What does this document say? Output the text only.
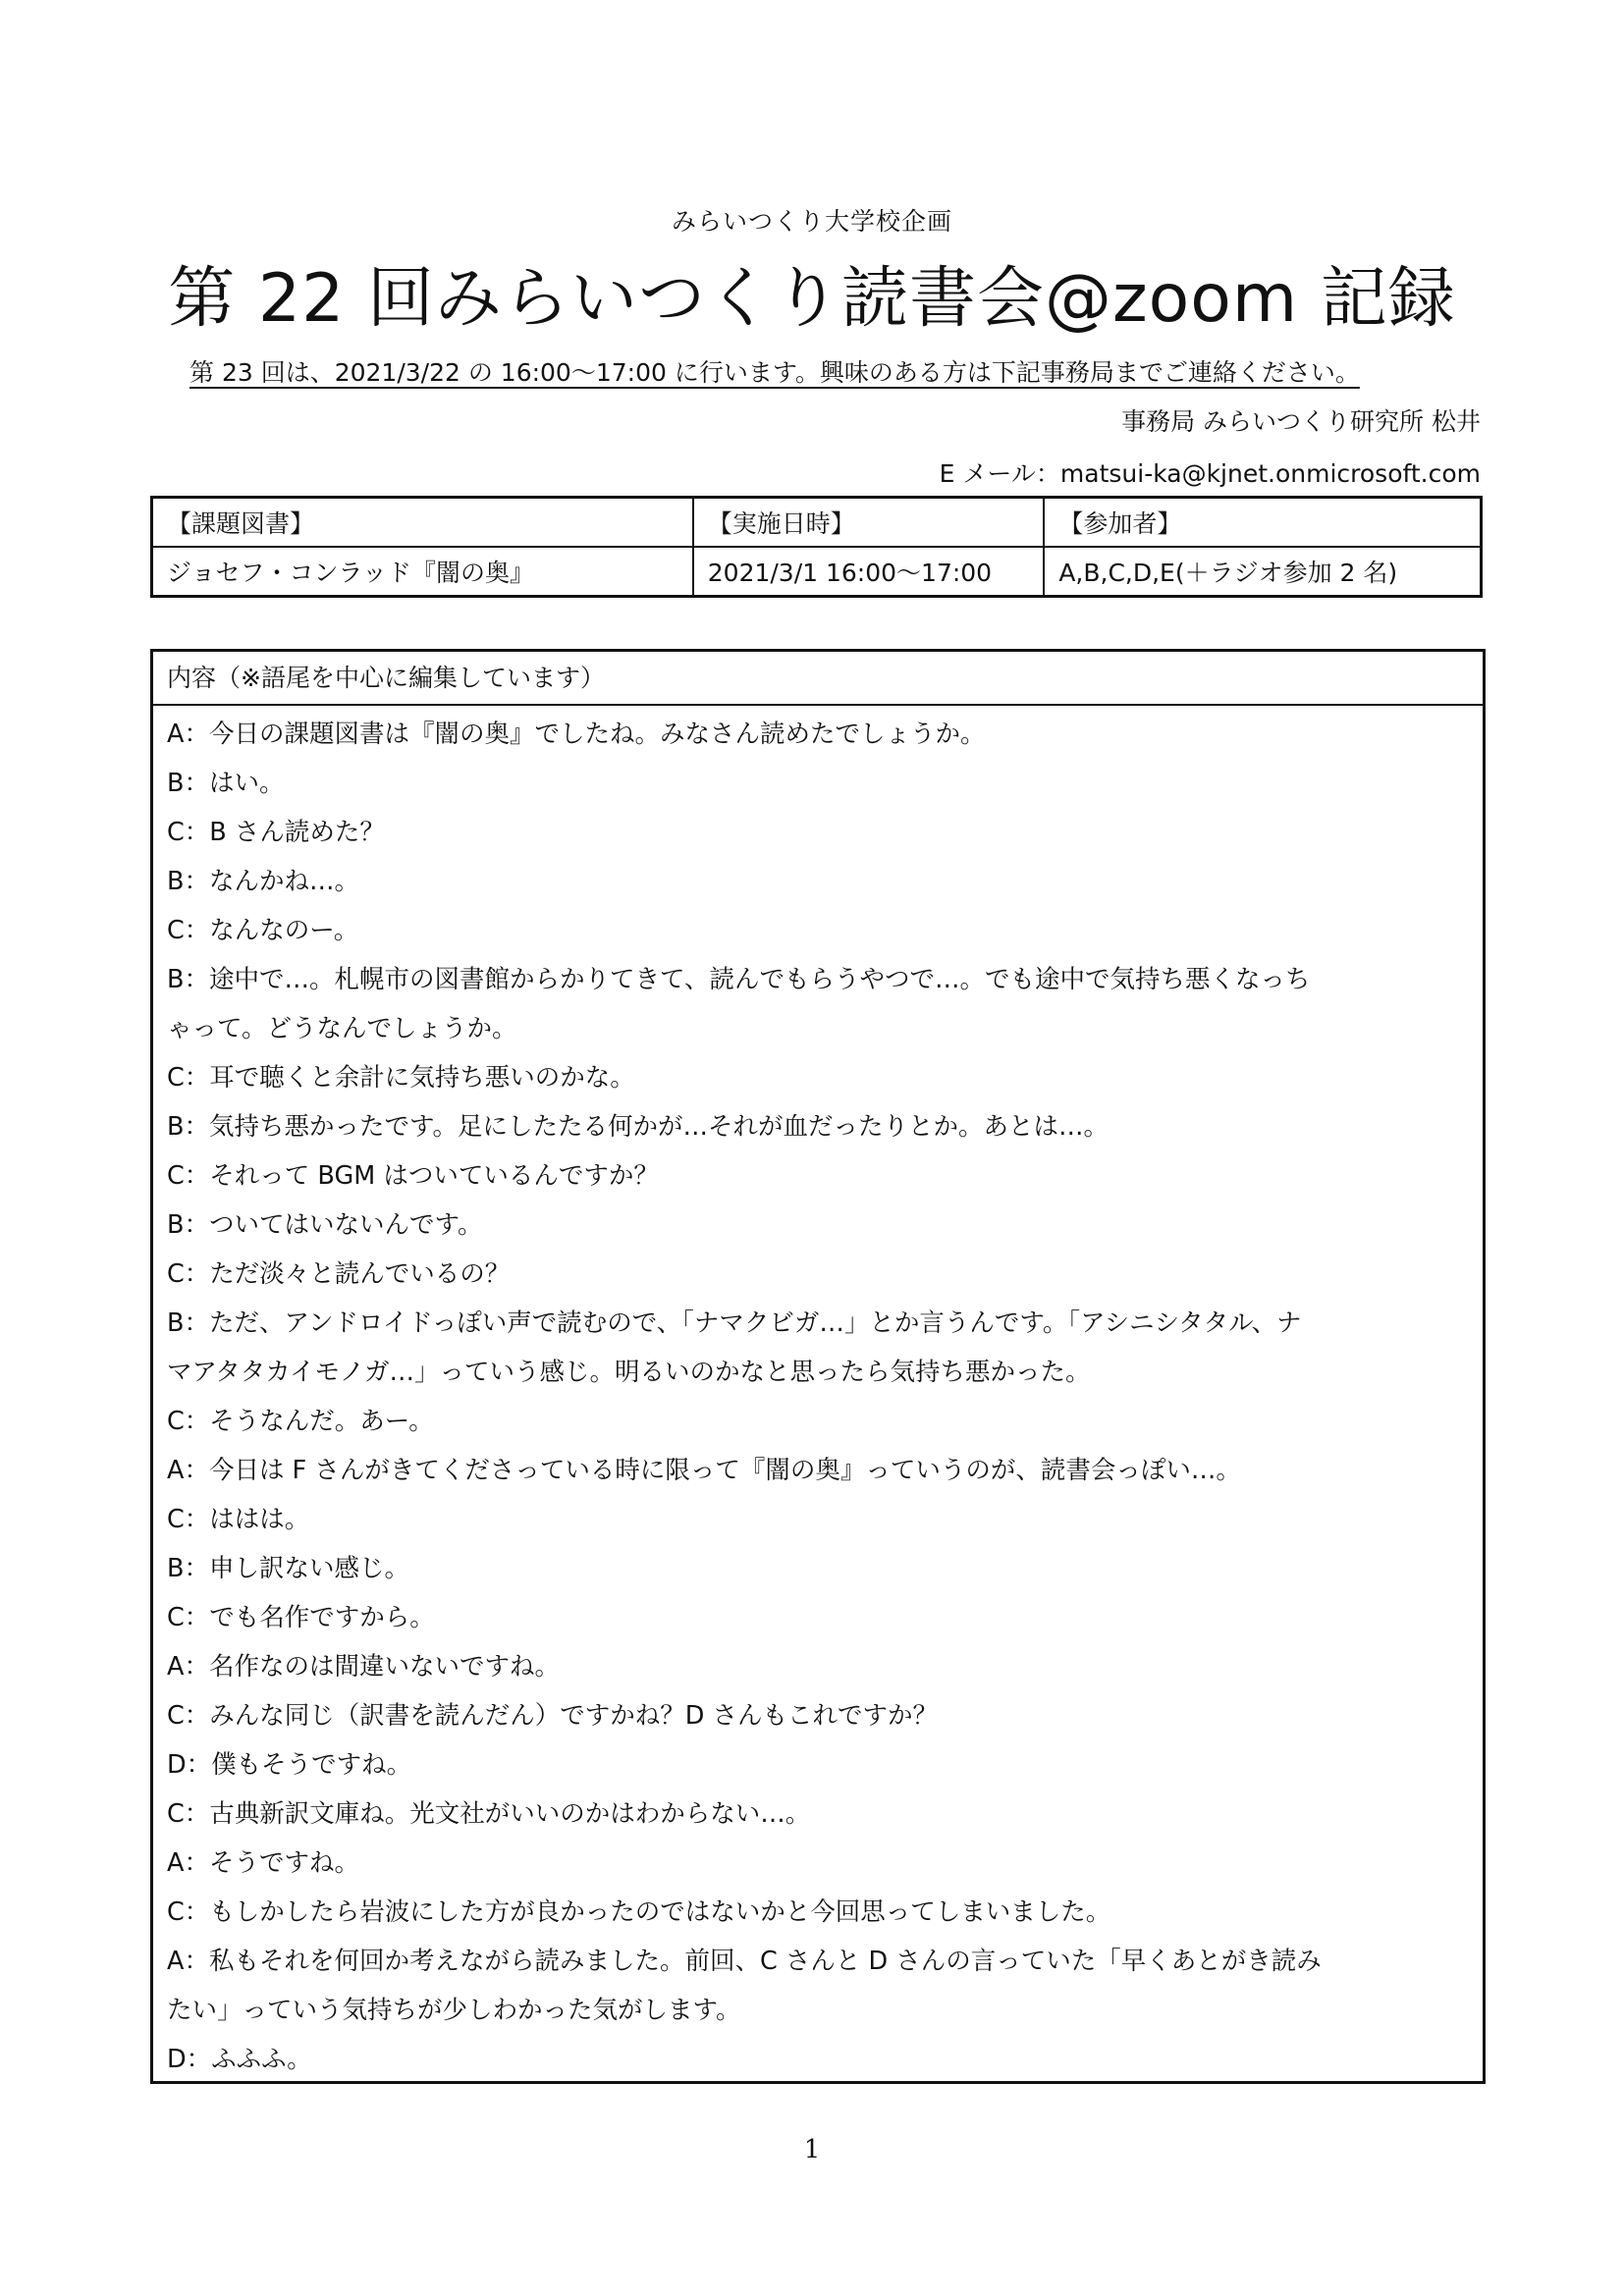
みらいつくり大学校企画
第 22 回みらいつくり読書会@zoom 記録
第 23 回は、2021/3/22 の 16:00～17:00 に行います。興味のある方は下記事務局までご連絡ください。
事務局 みらいつくり研究所 松井
E メール：matsui-ka@kjnet.onmicrosoft.com
【課題図書】	【実施日時】	【参加者】
ジョセフ・コンラッド『闇の奥』	2021/3/1 16:00～17:00	A,B,C,D,E(＋ラジオ参加 2 名)
内容（※語尾を中心に編集しています）
A：今日の課題図書は『闇の奥』でしたね。みなさん読めたでしょうか。
B：はい。
C：B さん読めた？
B：なんかね…。
C：なんなのー。
B：途中で…。札幌市の図書館からかりてきて、読んでもらうやつで…。でも途中で気持ち悪くなっち
ゃって。どうなんでしょうか。
C：耳で聴くと余計に気持ち悪いのかな。
B：気持ち悪かったです。足にしたたる何かが…それが血だったりとか。あとは…。
C：それって BGM はついているんですか？
B：ついてはいないんです。
C：ただ淡々と読んでいるの？
B：ただ、アンドロイドっぽい声で読むので、「ナマクビガ…」とか言うんです。「アシニシタタル、ナ
マアタタカイモノガ…」っていう感じ。明るいのかなと思ったら気持ち悪かった。
C：そうなんだ。あー。
A：今日は F さんがきてくださっている時に限って『闇の奥』っていうのが、読書会っぽい…。
C：ははは。
B：申し訳ない感じ。
C：でも名作ですから。
A：名作なのは間違いないですね。
C：みんな同じ（訳書を読んだん）ですかね？D さんもこれですか？
D：僕もそうですね。
C：古典新訳文庫ね。光文社がいいのかはわからない…。
A：そうですね。
C：もしかしたら岩波にした方が良かったのではないかと今回思ってしまいました。
A：私もそれを何回か考えながら読みました。前回、C さんと D さんの言っていた「早くあとがき読み
たい」っていう気持ちが少しわかった気がします。
D：ふふふ。
1
